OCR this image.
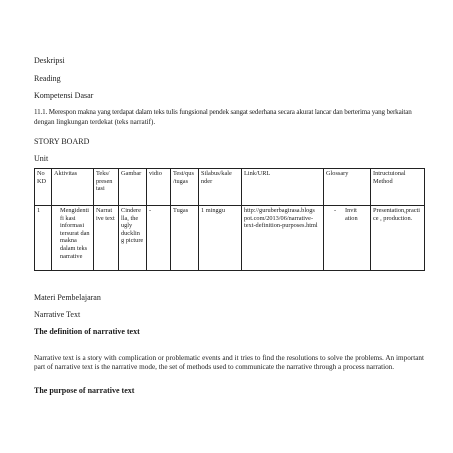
Deskripsi
Reading
Kompetensi Dasar
11.1. Merespon makna yang terdapat dalam teks tulis fungsional pendek sangat sederhana secara akurat lancar dan berterima yang berkaitan
dengan lingkungan terdekat (teks narratif).
STORY BOARD
Unit
No KD	Aktivitas	Teks/ presen tasi	Gambar	vidio	Test/qus /tugas	Silabus/kale nder	Link/URL	Glossary	Intructuional Method
1	Mengidentifi kasi informasi tersurat dan makna dalam teks narrative	Narrat ive text	Cindere lla, the ugly ducklin g picture	-	Tugas	1 minggu	http://guruberbagirasa.blogs pot.com/2013/06/narrative-text-definition-purposes.html	- Invit ation	Presentation,practice , production.
Materi Pembelajaran
Narrative Text
The definition of narrative text
Narrative text is a story with complication or problematic events and it tries to find the resolutions to solve the problems. An important part of narrative text is the narrative mode, the set of methods used to communicate the narrative through a process narration.
The purpose of narrative text
